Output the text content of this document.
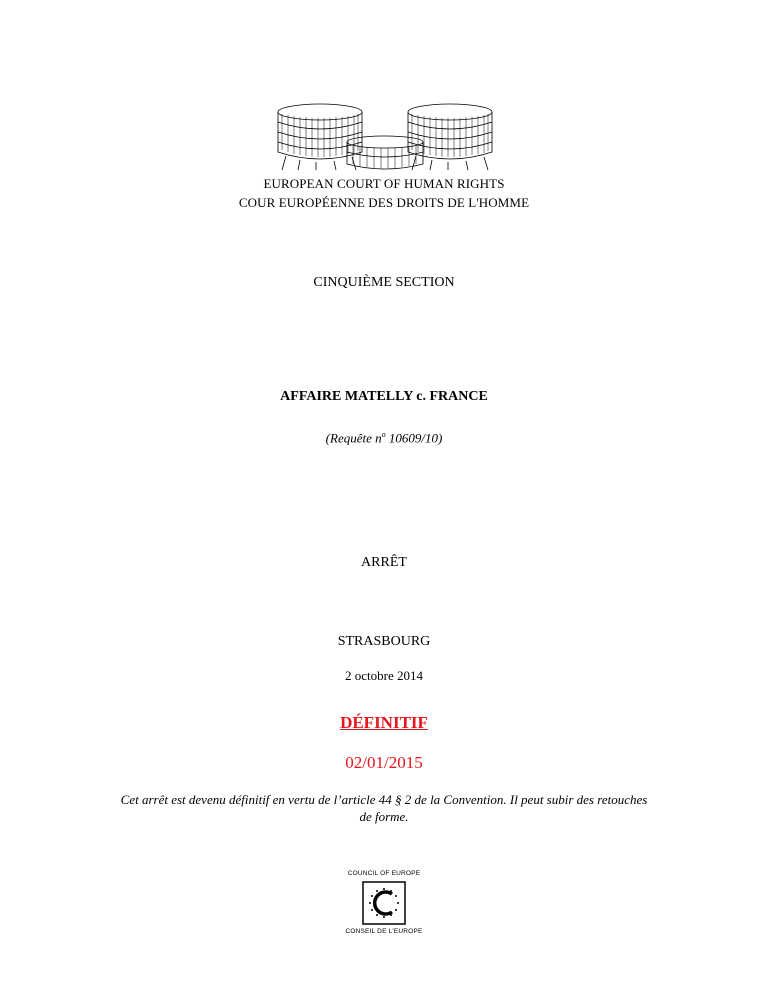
EUROPEAN COURT OF HUMAN RIGHTS
COUR EUROPÉENNE DES DROITS DE L'HOMME
CINQUIÈME SECTION
AFFAIRE MATELLY c. FRANCE
(Requête $n^o$ 10609/10)
ARRÊT
STRASBOURG
2 octobre 2014
DÉFINITIF
02/01/2015
Cet arrêt est devenu définitif en vertu de l’article 44 § 2 de la Convention. Il peut subir des retouches de forme.
COUNCIL OF EUROPE
CONSEIL DE L'EUROPE
